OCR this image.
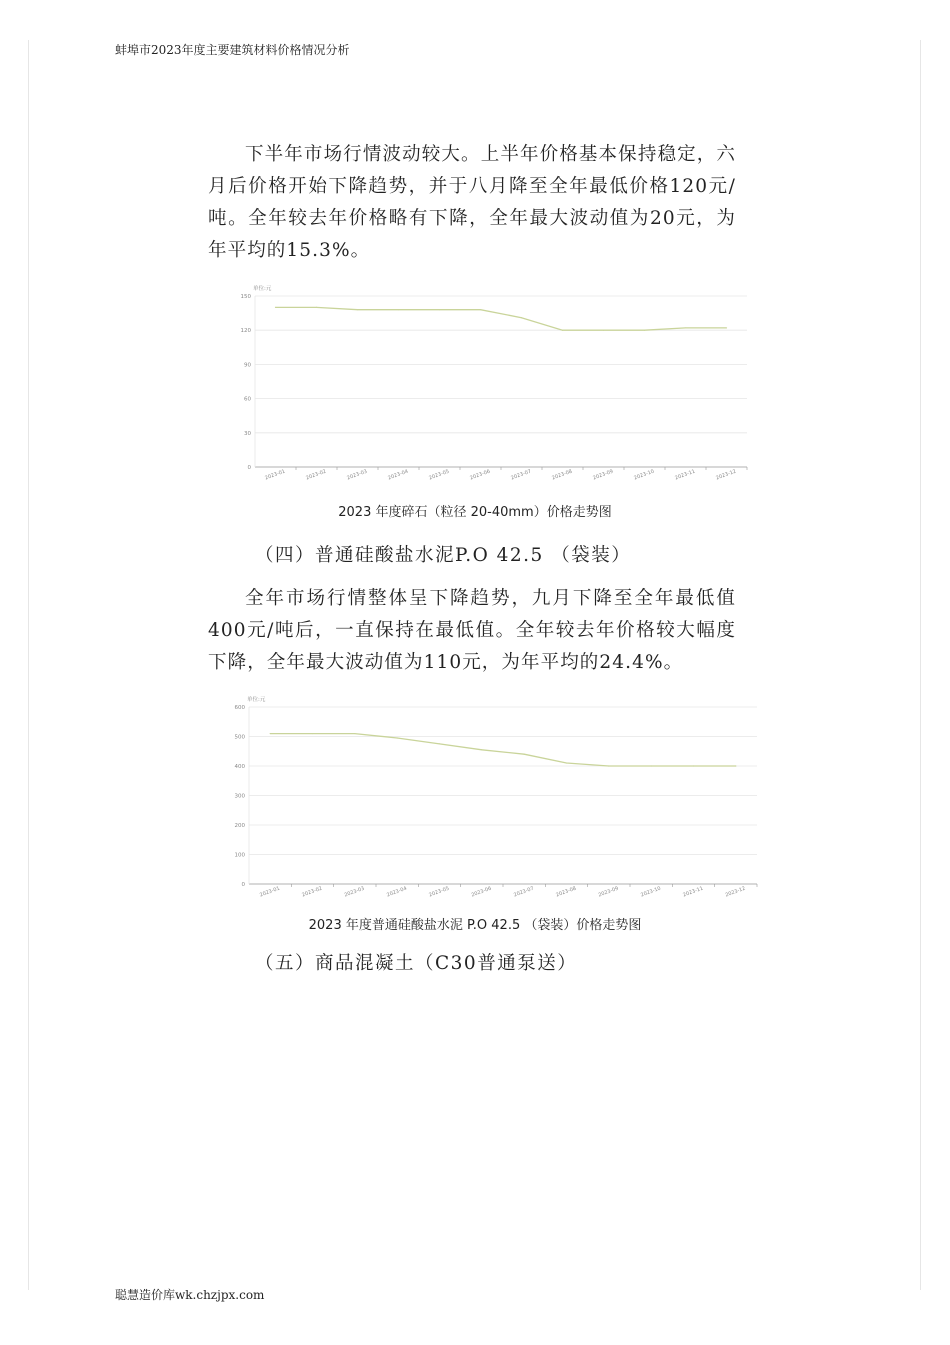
蚌埠市2023年度主要建筑材料价格情况分析

下半年市场行情波动较大。上半年价格基本保持稳定，六月后价格开始下降趋势，并于八月降至全年最低价格120元/吨。全年较去年价格略有下降，全年最大波动值为20元，为年平均的15.3%。

单位:元
0
30
60
90
120
150
2023-01	2023-02	2023-03	2023-04	2023-05	2023-06	2023-07	2023-08	2023-09	2023-10	2023-11	2023-12
2023 年度碎石（粒径 20-40mm）价格走势图
（四）普通硅酸盐水泥P.O 42.5 （袋装）

全年市场行情整体呈下降趋势，九月下降至全年最低值400元/吨后，一直保持在最低值。全年较去年价格较大幅度下降，全年最大波动值为110元，为年平均的24.4%。

单位:元
0
100
200
300
400
500
600
2023-01	2023-02	2023-03	2023-04	2023-05	2023-06	2023-07	2023-08	2023-09	2023-10	2023-11	2023-12
2023 年度普通硅酸盐水泥 P.O 42.5 （袋装）价格走势图
（五）商品混凝土（C30普通泵送）
聪慧造价库wk.chzjpx.com
